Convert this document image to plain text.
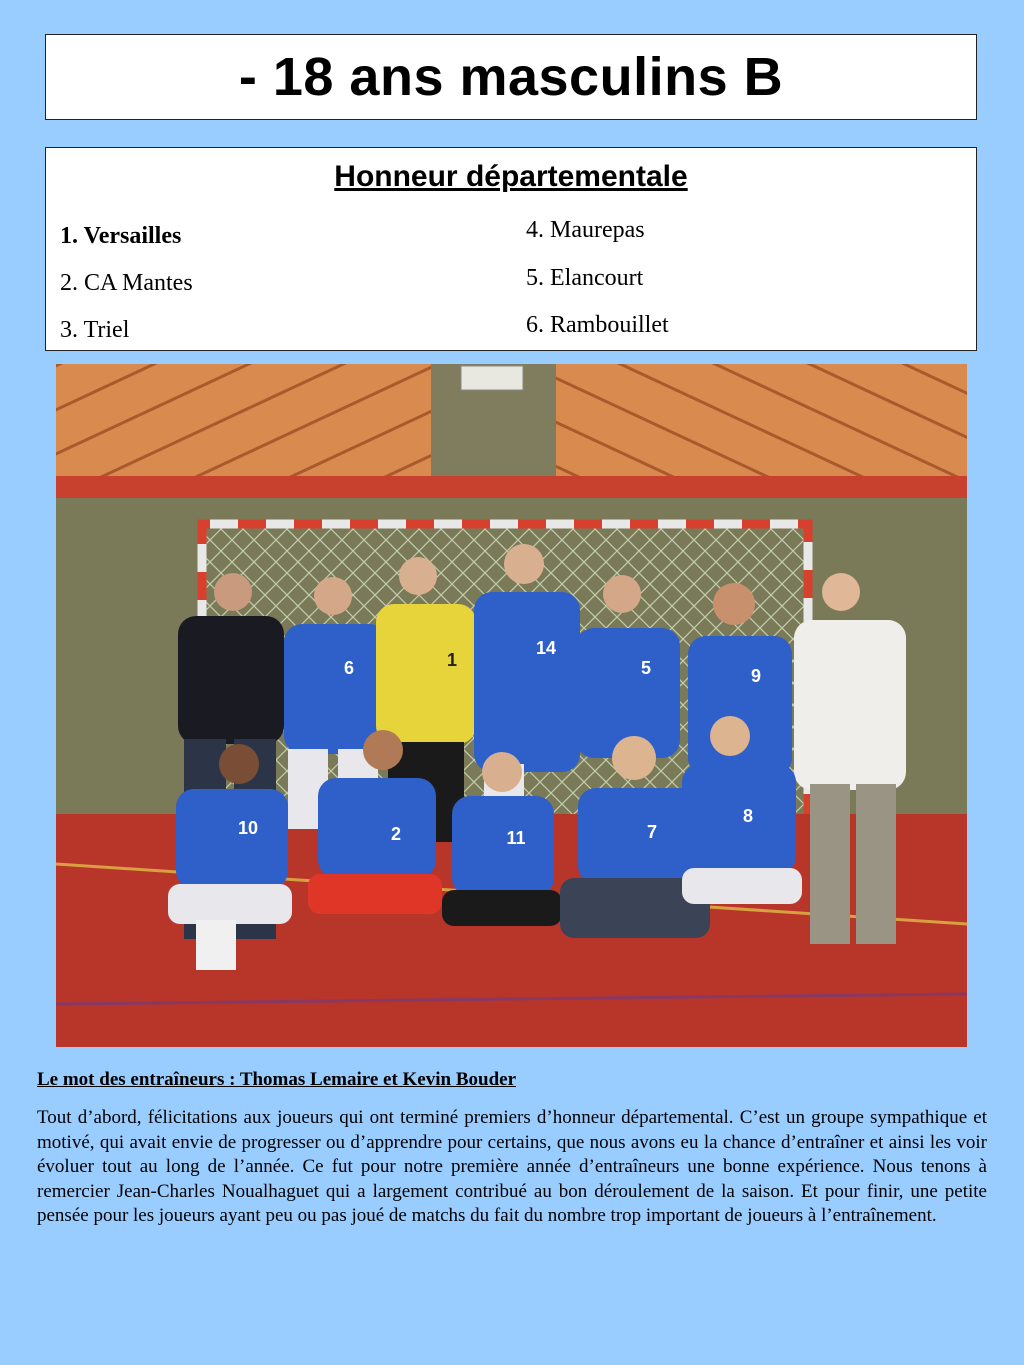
- 18 ans masculins B
Honneur départementale
1. Versailles
2. CA Mantes
3. Triel
4. Maurepas
5. Elancourt
6. Rambouillet
6	1
14
5	9
10	2	11	7
8
Le mot des entraîneurs : Thomas Lemaire et Kevin Bouder

Tout d’abord, félicitations aux joueurs qui ont terminé premiers d’honneur départemental. C’est un groupe sympathique et motivé, qui avait envie de progresser ou d’apprendre pour certains, que nous avons eu la chance d’entraîner et ainsi les voir évoluer tout au long de l’année. Ce fut pour notre première année d’entraîneurs une bonne expérience. Nous tenons à remercier Jean-Charles Noualhaguet qui a largement contribué au bon déroulement de la saison. Et pour finir, une petite pensée pour les joueurs ayant peu ou pas joué de matchs du fait du nombre trop important de joueurs à l’entraînement.
